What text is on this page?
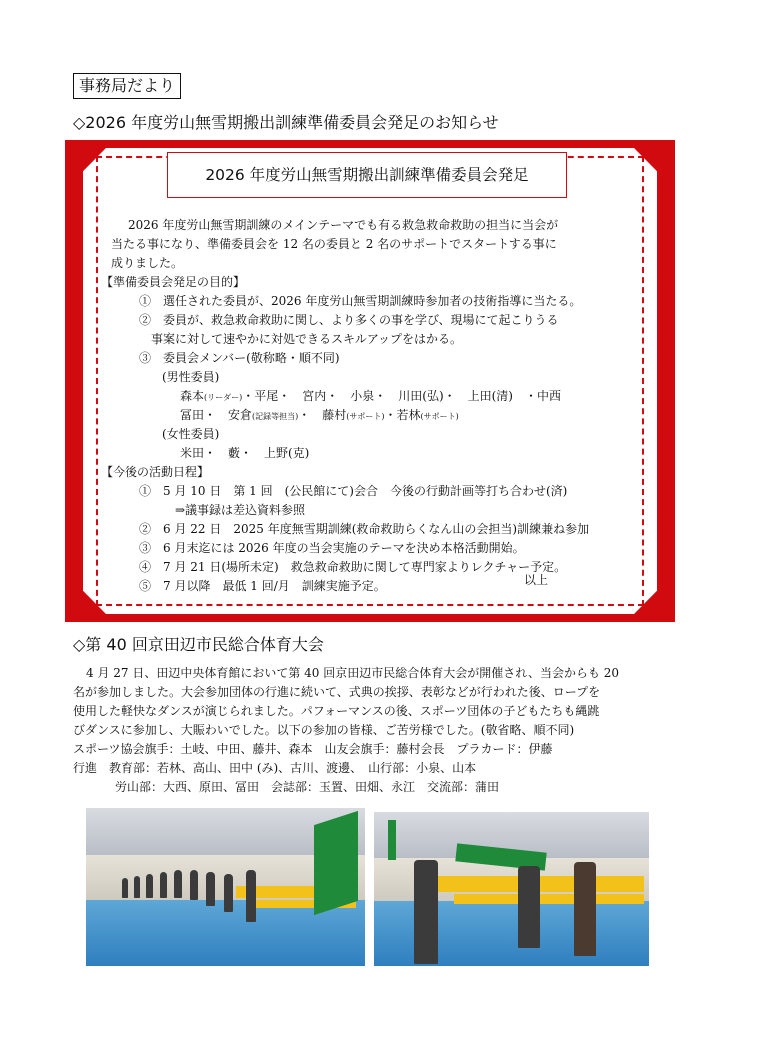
事務局だより
◇2026 年度労山無雪期搬出訓練準備委員会発足のお知らせ
2026 年度労山無雪期搬出訓練準備委員会発足
2026 年度労山無雪期訓練のメインテーマでも有る救急救命救助の担当に当会が
当たる事になり、準備委員会を 12 名の委員と 2 名のサポートでスタートする事に
成りました。
【準備委員会発足の目的】
①　選任された委員が、2026 年度労山無雪期訓練時参加者の技術指導に当たる。
②　委員が、救急救命救助に関し、より多くの事を学び、現場にて起こりうる
事案に対して速やかに対処できるスキルアップをはかる。
③　委員会メンバー(敬称略・順不同)
(男性委員)
森本(リーダー)・平尾・　宮内・　小泉・　川田(弘)・　上田(清)　・中西
冨田・　安倉(記録等担当)・　藤村(サポート)・若林(サポート)
(女性委員)
米田・　藪・　上野(克)
【今後の活動日程】
①　5 月 10 日　第 1 回　(公民館にて)会合　今後の行動計画等打ち合わせ(済)
⇒議事録は差込資料参照
②　6 月 22 日　2025 年度無雪期訓練(救命救助らくなん山の会担当)訓練兼ね参加
③　6 月末迄には 2026 年度の当会実施のテーマを決め本格活動開始。
④　7 月 21 日(場所未定)　救急救命救助に関して専門家よりレクチャー予定。
⑤　7 月以降　最低 1 回/月　訓練実施予定。	以上
◇第 40 回京田辺市民総合体育大会
4 月 27 日、田辺中央体育館において第 40 回京田辺市民総合体育大会が開催され、当会からも 20
名が参加しました。大会参加団体の行進に続いて、式典の挨拶、表彰などが行われた後、ロープを
使用した軽快なダンスが演じられました。パフォーマンスの後、スポーツ団体の子どもたちも縄跳
びダンスに参加し、大賑わいでした。以下の参加の皆様、ご苦労様でした。(敬省略、順不同)
スポーツ協会旗手：土岐、中田、藤井、森本　山友会旗手：藤村会長　プラカード：伊藤
行進　教育部：若林、高山、田中 (み)、古川、渡邊、　山行部：小泉、山本
労山部：大西、原田、冨田　会誌部：玉置、田畑、永江　交流部：蒲田
